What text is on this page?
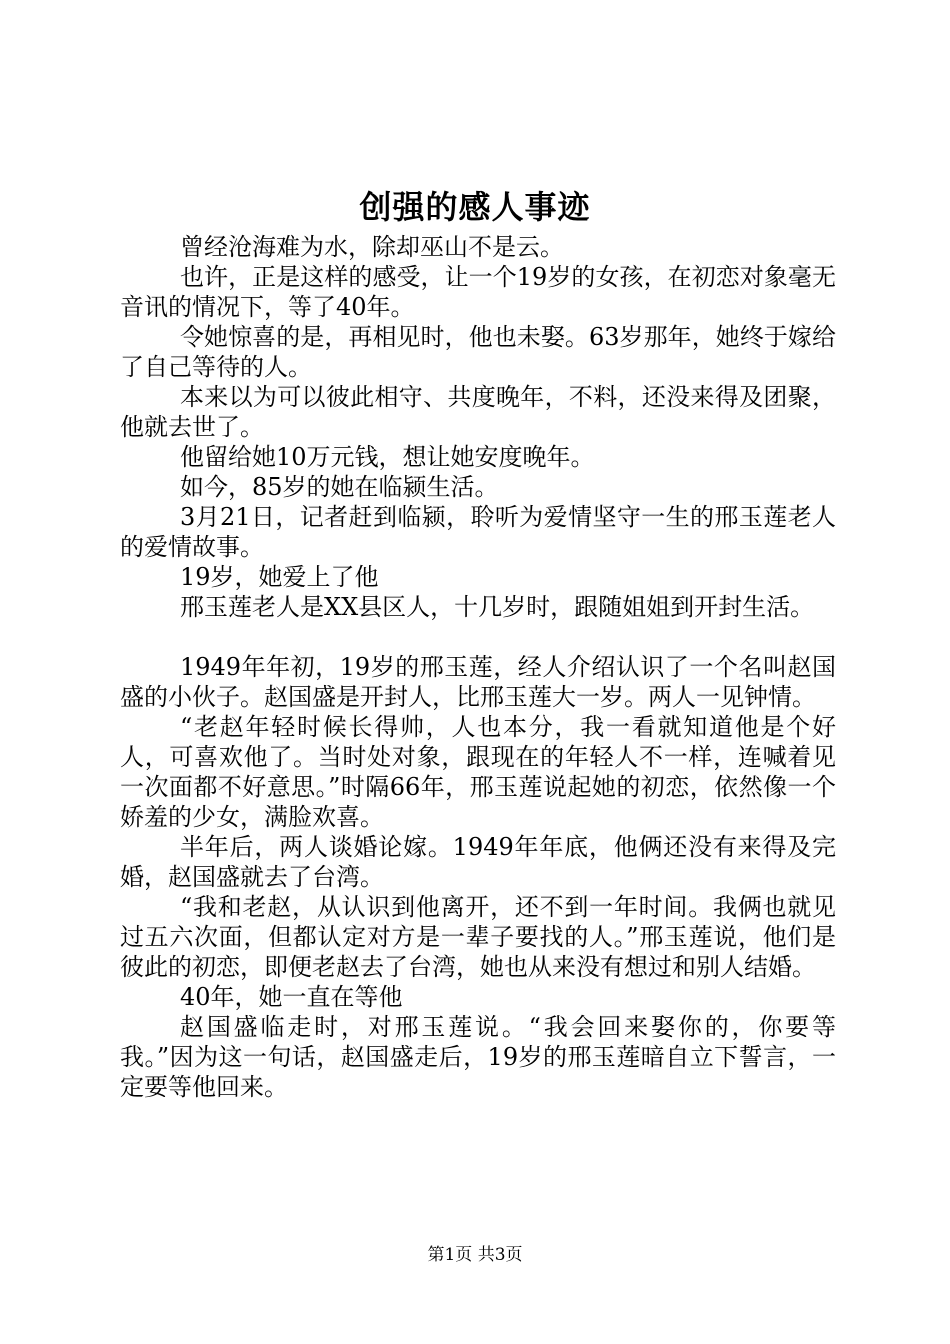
创强的感人事迹

曾经沧海难为水，除却巫山不是云。

也许，正是这样的感受，让一个19岁的女孩，在初恋对象毫无音讯的情况下，等了40年。

令她惊喜的是，再相见时，他也未娶。63岁那年，她终于嫁给了自己等待的人。

本来以为可以彼此相守、共度晚年，不料，还没来得及团聚，他就去世了。

他留给她10万元钱，想让她安度晚年。

如今，85岁的她在临颍生活。

3月21日，记者赶到临颍，聆听为爱情坚守一生的邢玉莲老人的爱情故事。

19岁，她爱上了他

邢玉莲老人是XX县区人，十几岁时，跟随姐姐到开封生活。

1949年年初，19岁的邢玉莲，经人介绍认识了一个名叫赵国盛的小伙子。赵国盛是开封人，比邢玉莲大一岁。两人一见钟情。

“老赵年轻时候长得帅，人也本分，我一看就知道他是个好人，可喜欢他了。当时处对象，跟现在的年轻人不一样，连喊着见一次面都不好意思。”时隔66年，邢玉莲说起她的初恋，依然像一个娇羞的少女，满脸欢喜。

半年后，两人谈婚论嫁。1949年年底，他俩还没有来得及完婚，赵国盛就去了台湾。

“我和老赵，从认识到他离开，还不到一年时间。我俩也就见过五六次面，但都认定对方是一辈子要找的人。”邢玉莲说，他们是彼此的初恋，即便老赵去了台湾，她也从来没有想过和别人结婚。

40年，她一直在等他

赵国盛临走时，对邢玉莲说。“我会回来娶你的，你要等我。”因为这一句话，赵国盛走后，19岁的邢玉莲暗自立下誓言，一定要等他回来。

第1页 共3页
